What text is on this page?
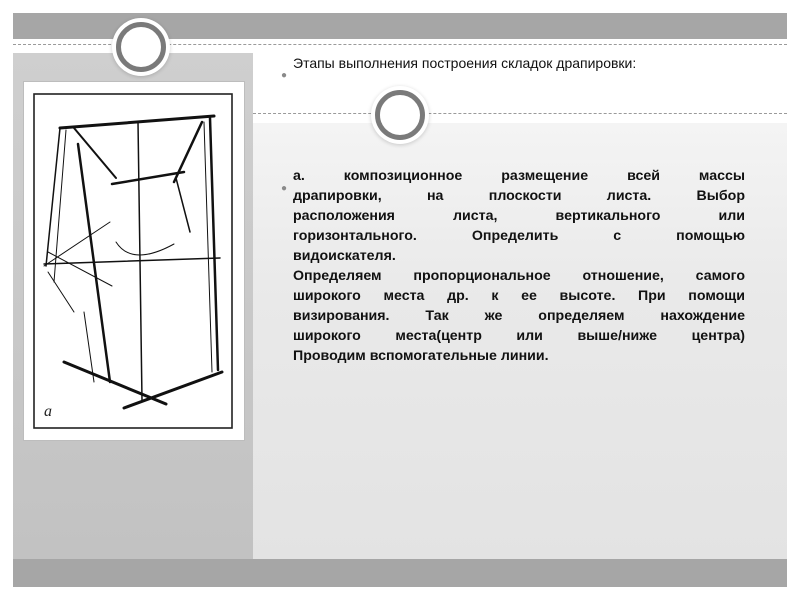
а
●
●
Этапы выполнения построения складок драпировки:

а. композиционное размещение всей массы

драпировки, на плоскости листа. Выбор

расположения листа, вертикального или

горизонтального. Определить с помощью

видоискателя.

Определяем пропорциональное отношение, самого

широкого места др. к ее высоте. При помощи

визирования. Так же определяем нахождение

широкого места(центр или выше/ниже центра)

Проводим вспомогательные линии.
